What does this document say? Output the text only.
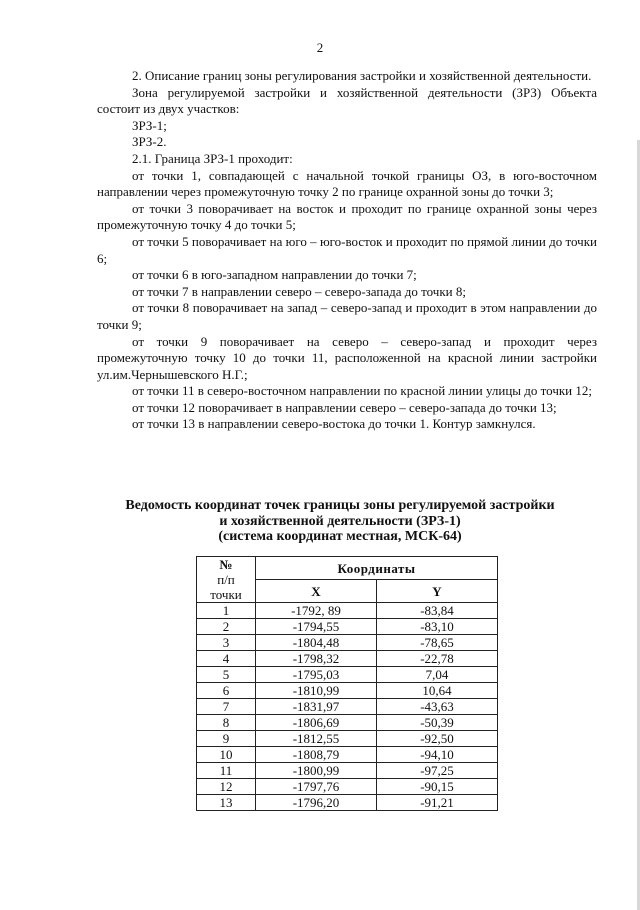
2

2. Описание границ зоны регулирования застройки и хозяйственной деятельности.

Зона регулируемой застройки и хозяйственной деятельности (ЗРЗ) Объекта состоит из двух участков:

ЗРЗ-1;

ЗРЗ-2.

2.1. Граница ЗРЗ-1 проходит:

от точки 1, совпадающей с начальной точкой границы ОЗ, в юго-восточном направлении через промежуточную точку 2 по границе охранной зоны до точки 3;

от точки 3 поворачивает на восток и проходит по границе охранной зоны через промежуточную точку 4 до точки 5;

от точки 5 поворачивает на юго – юго-восток и проходит по прямой линии до точки 6;

от точки 6 в юго-западном направлении до точки 7;

от точки 7 в направлении северо – северо-запада до точки 8;

от точки 8 поворачивает на запад – северо-запад и проходит в этом направлении до точки 9;

от точки 9 поворачивает на северо – северо-запад и проходит через промежуточную точку 10 до точки 11, расположенной на красной линии застройки ул.им.Чернышевского Н.Г.;

от точки 11 в северо-восточном направлении по красной линии улицы до точки 12;

от точки 12 поворачивает в направлении северо – северо-запада до точки 13;

от точки 13 в направлении северо-востока до точки 1. Контур замкнулся.

Ведомость координат точек границы зоны регулируемой застройки
и хозяйственной деятельности (ЗРЗ-1)
(система координат местная, МСК-64)
№
п/п
точки	Координаты	
	X	Y
1	-1792, 89	-83,84
2	-1794,55	-83,10
3	-1804,48	-78,65
4	-1798,32	-22,78
5	-1795,03	7,04
6	-1810,99	10,64
7	-1831,97	-43,63
8	-1806,69	-50,39
9	-1812,55	-92,50
10	-1808,79	-94,10
11	-1800,99	-97,25
12	-1797,76	-90,15
13	-1796,20	-91,21
